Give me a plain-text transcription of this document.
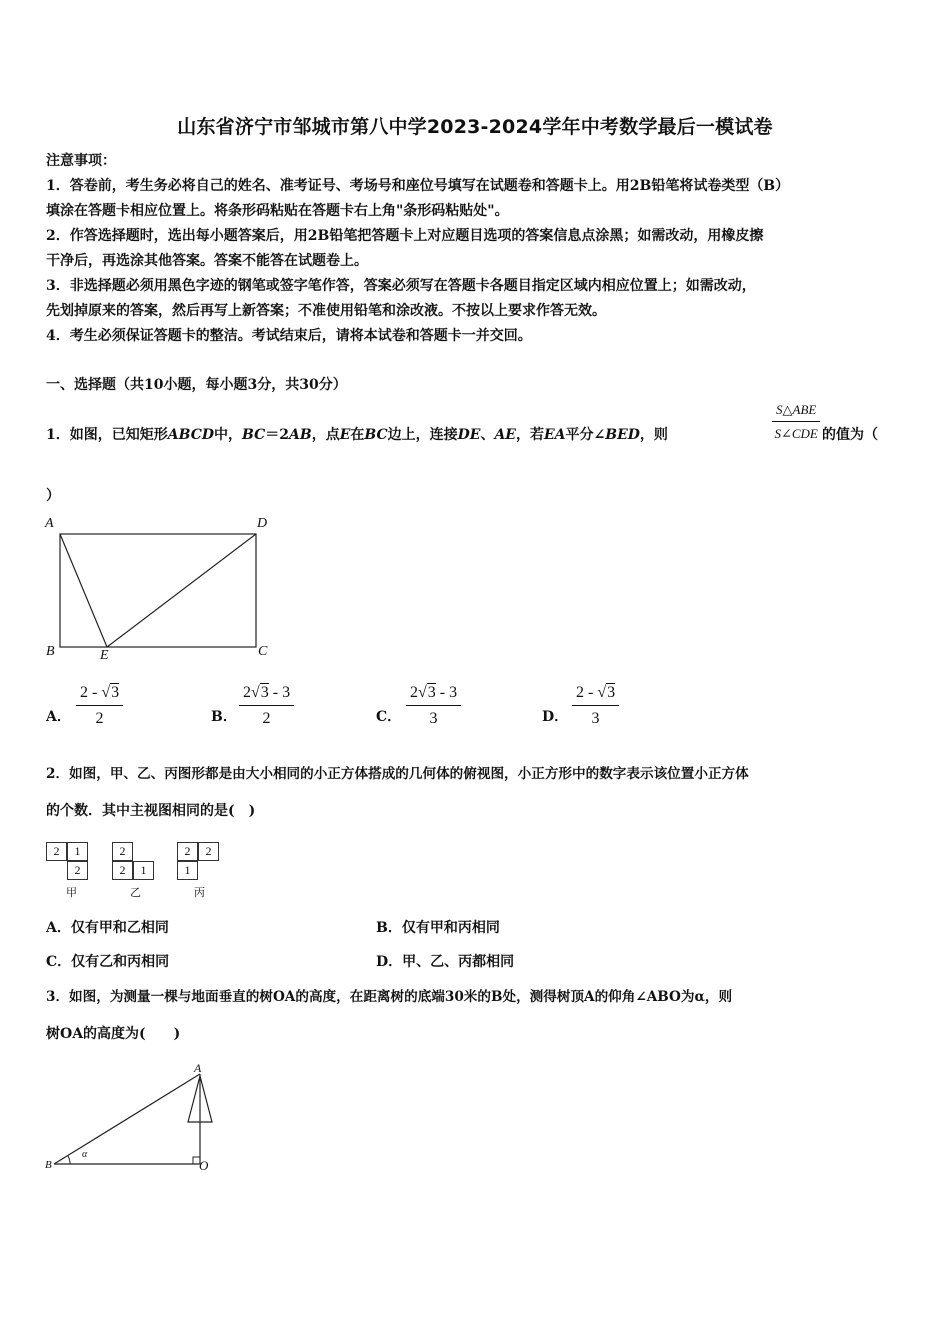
山东省济宁市邹城市第八中学2023-2024学年中考数学最后一模试卷
注意事项：
1．答卷前，考生务必将自己的姓名、准考证号、考场号和座位号填写在试题卷和答题卡上。用2B铅笔将试卷类型（B）
填涂在答题卡相应位置上。将条形码粘贴在答题卡右上角"条形码粘贴处"。
2．作答选择题时，选出每小题答案后，用2B铅笔把答题卡上对应题目选项的答案信息点涂黑；如需改动，用橡皮擦
干净后，再选涂其他答案。答案不能答在试题卷上。
3．非选择题必须用黑色字迹的钢笔或签字笔作答，答案必须写在答题卡各题目指定区域内相应位置上；如需改动，
先划掉原来的答案，然后再写上新答案；不准使用铅笔和涂改液。不按以上要求作答无效。
4．考生必须保证答题卡的整洁。考试结束后，请将本试卷和答题卡一并交回。
一、选择题（共10小题，每小题3分，共30分）
1．如图，已知矩形ABCD中，BC＝2AB，点E在BC边上，连接DE、AE，若EA平分∠BED，则
S△ABE
S∠CDE 的值为（
）
A	D
B	E	C
A． $\frac{2 - √3}{2}$	B． $\frac{2√3 - 3}{2}$	C． $\frac{2√3 - 3}{3}$	D． $\frac{2 - √3}{3}$
2．如图，甲、乙、丙图形都是由大小相同的小正方体搭成的几何体的俯视图，小正方形中的数字表示该位置小正方体
的个数．其中主视图相同的是(　)
2	1
2
甲
2
2	1
乙
2	2
1
丙
A．仅有甲和乙相同	B．仅有甲和丙相同
C．仅有乙和丙相同	D．甲、乙、丙都相同
3．如图，为测量一棵与地面垂直的树OA的高度，在距离树的底端30米的B处，测得树顶A的仰角∠ABO为α，则
树OA的高度为(　　)
A
B	O
α
